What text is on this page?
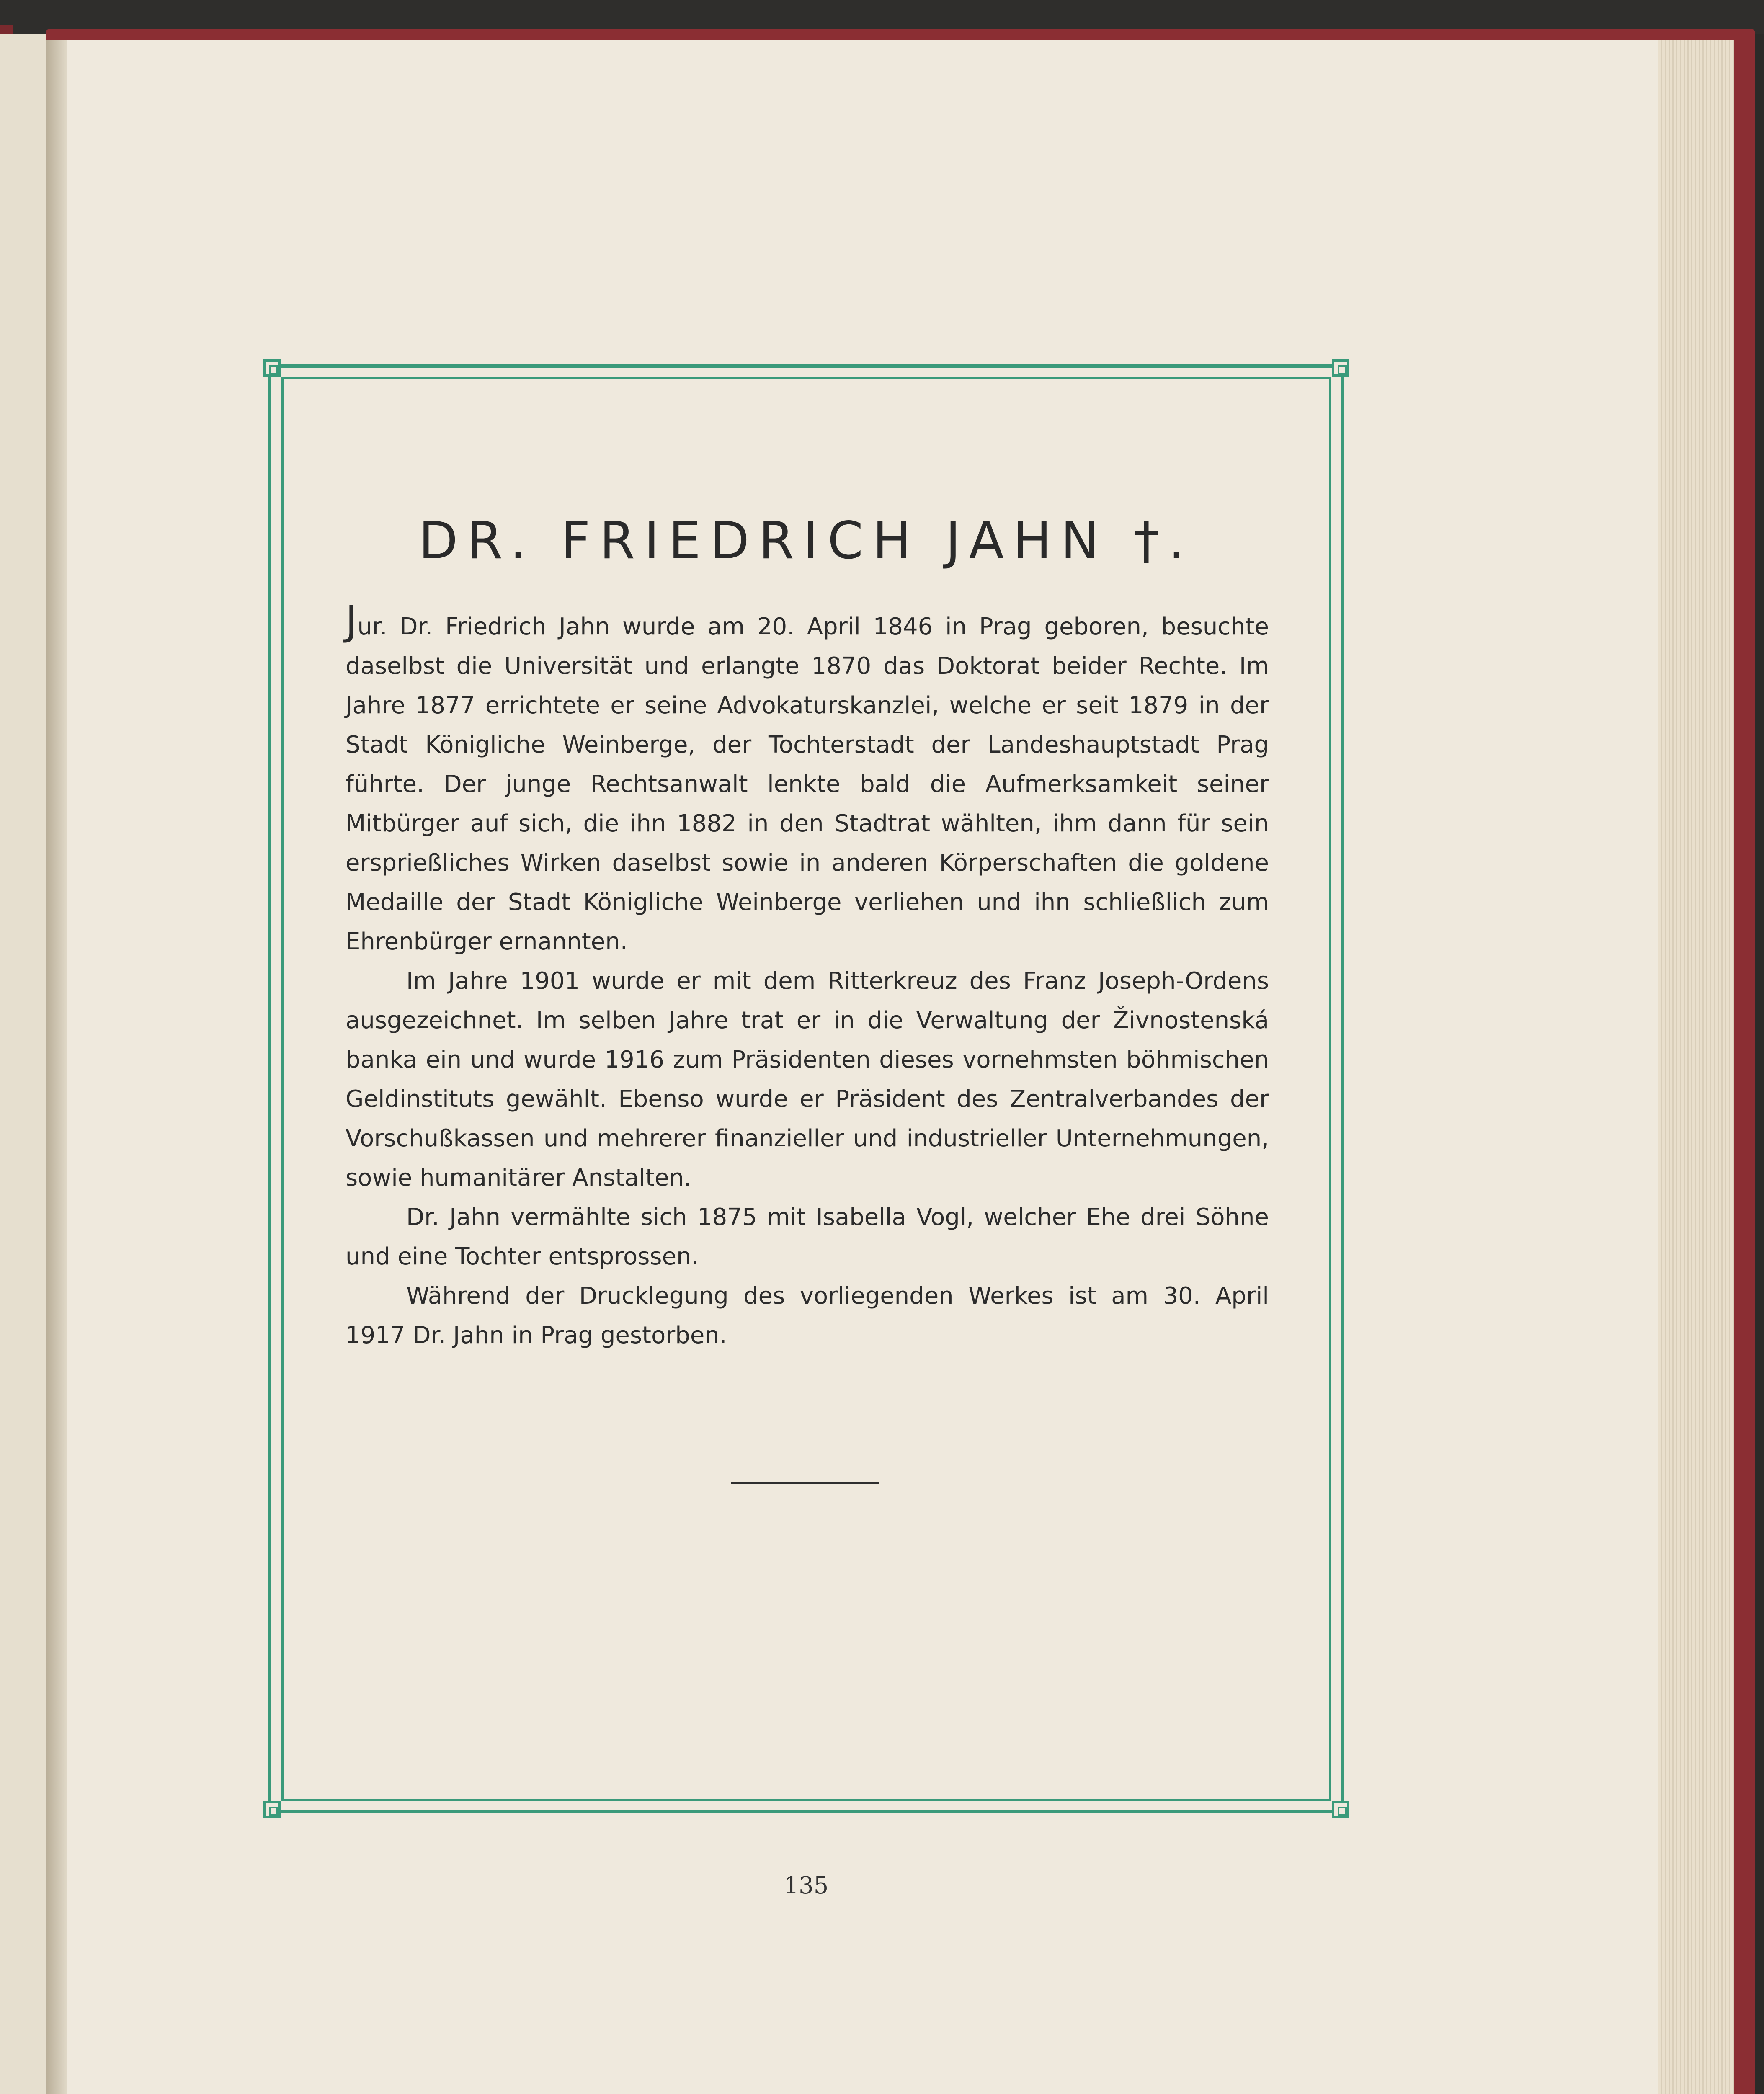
DR. FRIEDRICH JAHN †.

Jur. Dr. Friedrich Jahn wurde am 20. April 1846 in Prag geboren, besuchte daselbst die Universität und erlangte 1870 das Doktorat beider Rechte. Im Jahre 1877 errichtete er seine Advokaturskanzlei, welche er seit 1879 in der Stadt Königliche Weinberge, der Tochterstadt der Landeshauptstadt Prag führte. Der junge Rechtsanwalt lenkte bald die Aufmerksamkeit seiner Mitbürger auf sich, die ihn 1882 in den Stadtrat wählten, ihm dann für sein ersprießliches Wirken daselbst sowie in anderen Körperschaften die goldene Medaille der Stadt Königliche Weinberge verliehen und ihn schließlich zum Ehrenbürger ernannten.

Im Jahre 1901 wurde er mit dem Ritterkreuz des Franz Joseph-Ordens ausgezeichnet. Im selben Jahre trat er in die Verwaltung der Živnostenská banka ein und wurde 1916 zum Präsidenten dieses vornehmsten böhmischen Geldinstituts gewählt. Ebenso wurde er Präsident des Zentralverbandes der Vorschußkassen und mehrerer finanzieller und industrieller Unternehmungen, sowie humanitärer Anstalten.

Dr. Jahn vermählte sich 1875 mit Isabella Vogl, welcher Ehe drei Söhne und eine Tochter entsprossen.

Während der Drucklegung des vorliegenden Werkes ist am 30. April 1917 Dr. Jahn in Prag gestorben.

135
